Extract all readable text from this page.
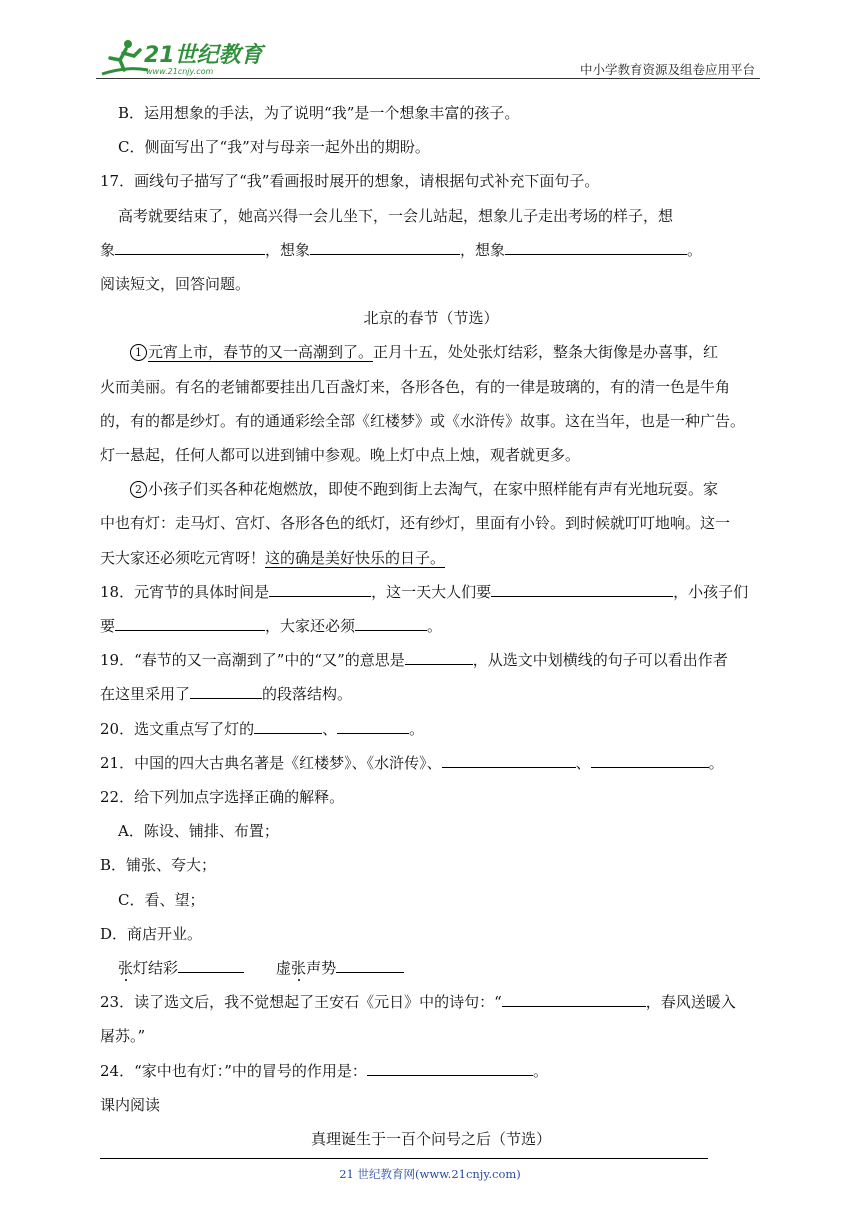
21世纪教育
www.21cnjy.com	中小学教育资源及组卷应用平台

B．运用想象的手法，为了说明“我”是一个想象丰富的孩子。

C．侧面写出了“我”对与母亲一起外出的期盼。

17．画线句子描写了“我”看画报时展开的想象，请根据句式补充下面句子。

高考就要结束了，她高兴得一会儿坐下，一会儿站起，想象儿子走出考场的样子，想

象	，想象	，想象	。

阅读短文，回答问题。

北京的春节（节选）

1 元宵上市，春节的又一高潮到了。正月十五，处处张灯结彩，整条大街像是办喜事，红

火而美丽。有名的老铺都要挂出几百盏灯来，各形各色，有的一律是玻璃的，有的清一色是牛角

的，有的都是纱灯。有的通通彩绘全部《红楼梦》或《水浒传》故事。这在当年，也是一种广告。

灯一悬起，任何人都可以进到铺中参观。晚上灯中点上烛，观者就更多。

2 小孩子们买各种花炮燃放，即使不跑到街上去淘气，在家中照样能有声有光地玩耍。家

中也有灯：走马灯、宫灯、各形各色的纸灯，还有纱灯，里面有小铃。到时候就叮叮地响。这一

天大家还必须吃元宵呀！这的确是美好快乐的日子。

18．元宵节的具体时间是	，这一天大人们要	，小孩子们

要	，大家还必须	。

19．“春节的又一高潮到了”中的“又”的意思是	，从选文中划横线的句子可以看出作者

在这里采用了	的段落结构。

20．选文重点写了灯的	、	。

21．中国的四大古典名著是《红楼梦》、《水浒传》、	、	。

22．给下列加点字选择正确的解释。

A．陈设、铺排、布置；

B．铺张、夸大；

C．看、望；

D．商店开业。

张灯结彩	虚张声势

23．读了选文后，我不觉想起了王安石《元日》中的诗句：“	，春风送暖入

屠苏。”

24．“家中也有灯：”中的冒号的作用是：	。

课内阅读

真理诞生于一百个问号之后（节选）

21 世纪教育网(www.21cnjy.com)
